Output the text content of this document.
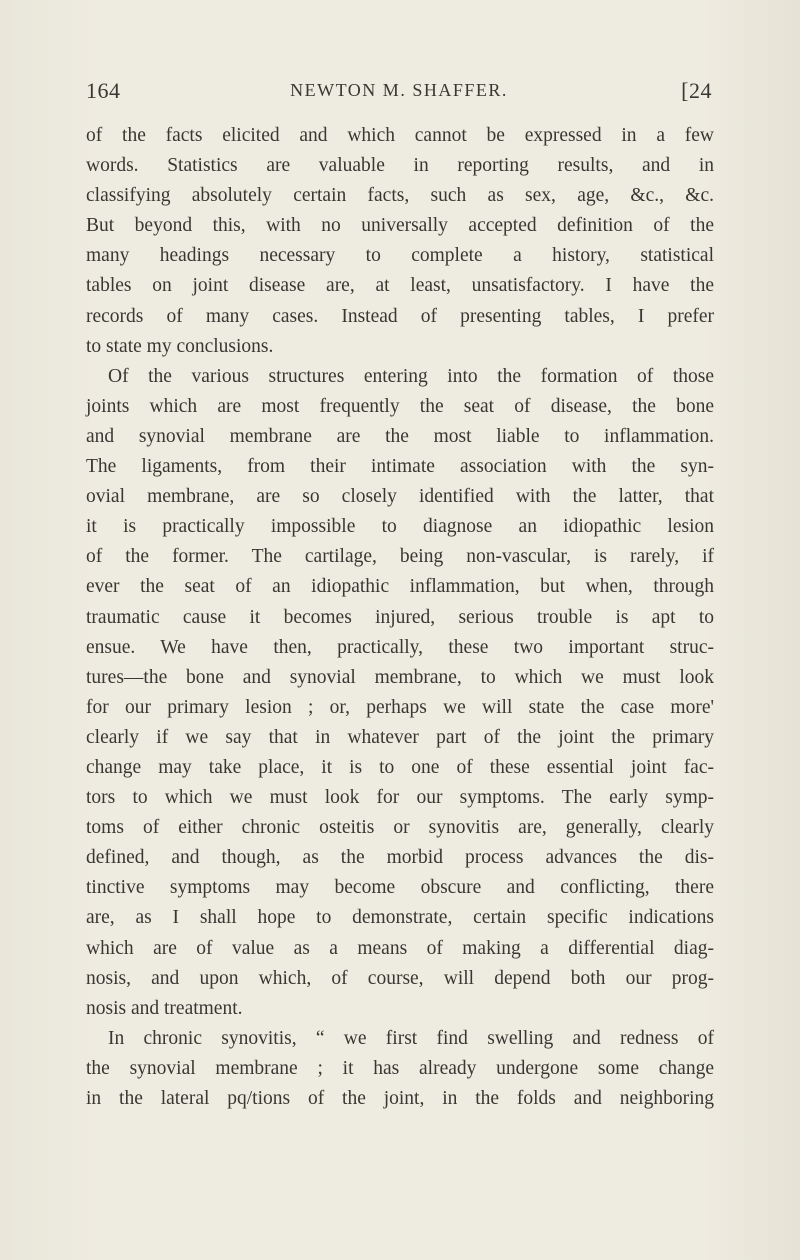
164	NEWTON M. SHAFFER.	[24
of the facts elicited and which cannot be expressed in a few
words. Statistics are valuable in reporting results, and in
classifying absolutely certain facts, such as sex, age, &c., &c.
But beyond this, with no universally accepted definition of the
many headings necessary to complete a history, statistical
tables on joint disease are, at least, unsatisfactory. I have the
records of many cases. Instead of presenting tables, I prefer
to state my conclusions.
Of the various structures entering into the formation of those
joints which are most frequently the seat of disease, the bone
and synovial membrane are the most liable to inflammation.
The ligaments, from their intimate association with the syn-
ovial membrane, are so closely identified with the latter, that
it is practically impossible to diagnose an idiopathic lesion
of the former. The cartilage, being non-vascular, is rarely, if
ever the seat of an idiopathic inflammation, but when, through
traumatic cause it becomes injured, serious trouble is apt to
ensue. We have then, practically, these two important struc-
tures—the bone and synovial membrane, to which we must look
for our primary lesion ; or, perhaps we will state the case more'
clearly if we say that in whatever part of the joint the primary
change may take place, it is to one of these essential joint fac-
tors to which we must look for our symptoms. The early symp-
toms of either chronic osteitis or synovitis are, generally, clearly
defined, and though, as the morbid process advances the dis-
tinctive symptoms may become obscure and conflicting, there
are, as I shall hope to demonstrate, certain specific indications
which are of value as a means of making a differential diag-
nosis, and upon which, of course, will depend both our prog-
nosis and treatment.
In chronic synovitis, “ we first find swelling and redness of
the synovial membrane ; it has already undergone some change
in the lateral pq/tions of the joint, in the folds and neighboring
